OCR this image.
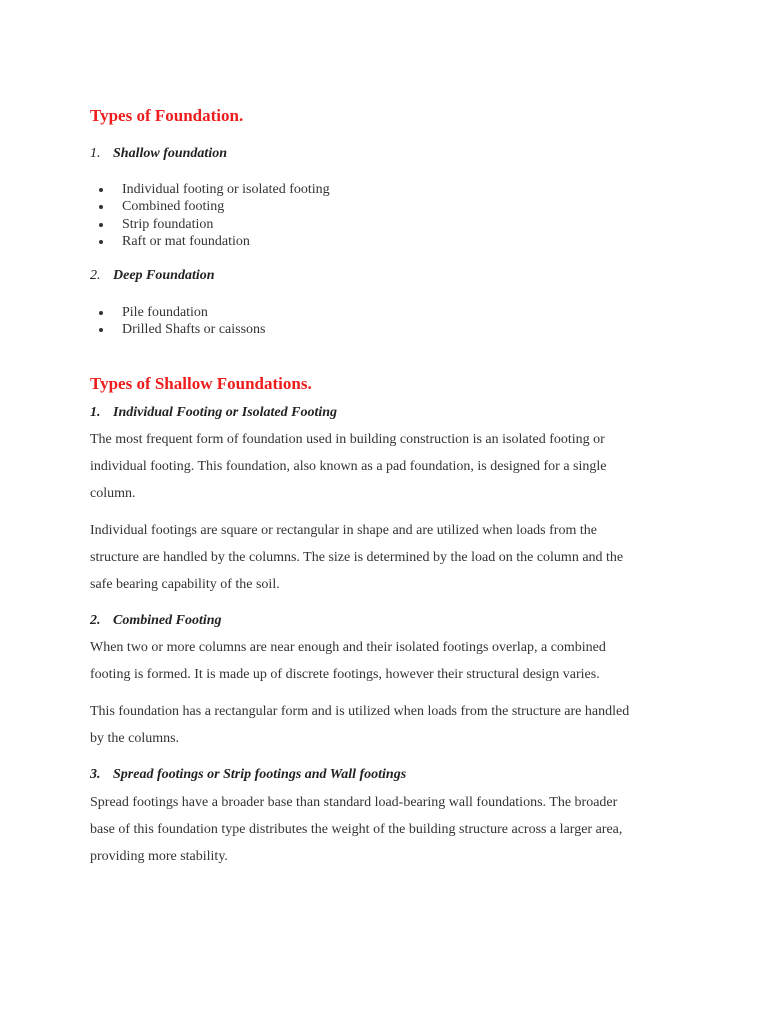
Types of Foundation.
1. Shallow foundation
Individual footing or isolated footing
Combined footing
Strip foundation
Raft or mat foundation
2. Deep Foundation
Pile foundation
Drilled Shafts or caissons
Types of Shallow Foundations.
1. Individual Footing or Isolated Footing

The most frequent form of foundation used in building construction is an isolated footing or
individual footing. This foundation, also known as a pad foundation, is designed for a single
column.

Individual footings are square or rectangular in shape and are utilized when loads from the
structure are handled by the columns. The size is determined by the load on the column and the
safe bearing capability of the soil.

2. Combined Footing

When two or more columns are near enough and their isolated footings overlap, a combined
footing is formed. It is made up of discrete footings, however their structural design varies.

This foundation has a rectangular form and is utilized when loads from the structure are handled
by the columns.

3. Spread footings or Strip footings and Wall footings

Spread footings have a broader base than standard load-bearing wall foundations. The broader
base of this foundation type distributes the weight of the building structure across a larger area,
providing more stability.
